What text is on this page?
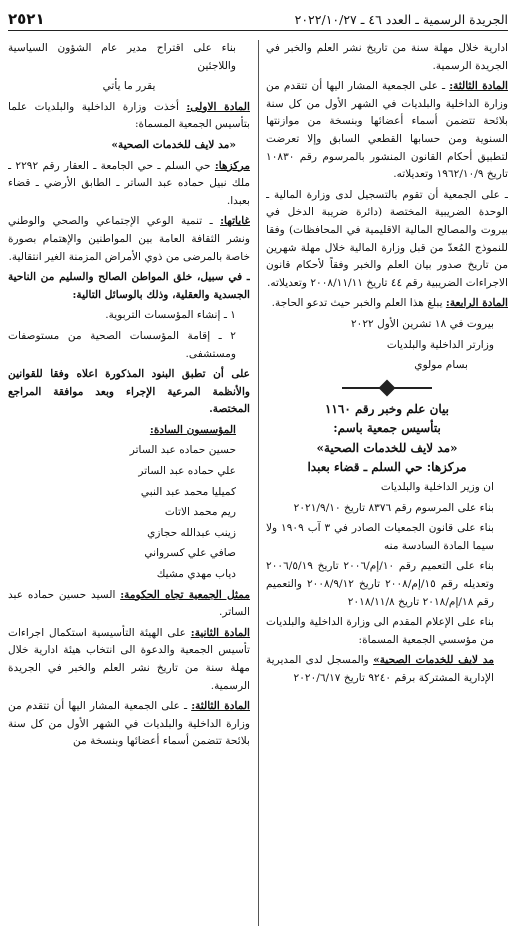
الجريدة الرسمية ـ العدد ٤٦ ـ ٢٠٢٢/١٠/٢٧
٢٥٢١

ادارية خلال مهلة سنة من تاريخ نشر العلم والخبر في الجريدة الرسمية.

المادة الثالثة: ـ على الجمعية المشار اليها أن تتقدم من وزارة الداخلية والبلديات في الشهر الأول من كل سنة بلائحة تتضمن أسماء أعضائها وبنسخة من موازنتها السنوية ومن حسابها القطعي السابق وإلا تعرضت لتطبيق أحكام القانون المنشور بالمرسوم رقم ١٠٨٣٠ تاريخ ١٩٦٢/١٠/٩ وتعديلاته.

ـ على الجمعية أن تقوم بالتسجيل لدى وزارة المالية ـ الوحدة الضريبية المختصة (دائرة ضريبة الدخل في بيروت والمصالح المالية الاقليمية في المحافظات) وفقا للنموذج المُعدّ من قبل وزارة المالية خلال مهلة شهرين من تاريخ صدور بيان العلم والخبر وفقاً لأحكام قانون الاجراءات الضريبية رقم ٤٤ تاريخ ٢٠٠٨/١١/١١ وتعديلاته.

المادة الرابعة: يبلغ هذا العلم والخبر حيث تدعو الحاجة.

بيروت في ١٨ تشرين الأول ٢٠٢٢

وزارتر الداخلية والبلديات

بسام مولوي

بيان علم وخبر رقم ١١٦٠
بتأسيس جمعية باسم:
«مد لايف للخدمات الصحية»
مركزها: حي السلم ـ قضاء بعبدا

ان وزير الداخلية والبلديات

بناء على المرسوم رقم ٨٣٧٦ تاريخ ٢٠٢١/٩/١٠

بناء على قانون الجمعيات الصادر في ٣ آب ١٩٠٩ ولا سيما المادة السادسة منه

بناء على التعميم رقم ١٠/إم/٢٠٠٦ تاريخ ٢٠٠٦/٥/١٩ وتعديله رقم ١٥/إم/٢٠٠٨ تاريخ ٢٠٠٨/٩/١٢ والتعميم رقم ١٨/إم/٢٠١٨ تاريخ ٢٠١٨/١١/٨

بناء على الإعلام المقدم الى وزارة الداخلية والبلديات من مؤسسي الجمعية المسماة:

مد لايف للخدمات الصحية» والمسجل لدى المديرية الإدارية المشتركة برقم ٩٢٤٠ تاريخ ٢٠٢٠/٦/١٧

بناء على اقتراح مدير عام الشؤون السياسية واللاجئين

يقرر ما يأتي

المادة الاولى: أخذت وزارة الداخلية والبلديات علما بتأسيس الجمعية المسماة:

«مد لايف للخدمات الصحية»

مركزها: حي السلم ـ حي الجامعة ـ العقار رقم ٢٢٩٢ ـ ملك نبيل حماده عبد الساتر ـ الطابق الأرضي ـ قضاء بعبدا.

غاياتها: ـ تنمية الوعي الإجتماعي والصحي والوطني ونشر الثقافة العامة بين المواطنين والإهتمام بصورة خاصة بالمرضى من ذوي الأمراض المزمنة الغير انتقالية.

ـ في سبيل، خلق المواطن الصالح والسليم من الناحية الجسدية والعقلية، وذلك بالوسائل التالية:

١ ـ إنشاء المؤسسات التربوية.

٢ ـ إقامة المؤسسات الصحية من مستوصفات ومستشفى.

على أن تطبق البنود المذكورة اعلاه وفقا للقوانين والأنظمة المرعية الإجراء وبعد موافقة المراجع المختصة.

المؤسسون السادة:

حسين حماده عبد الساتر

علي حماده عبد الساتر

كميليا محمد عبد النبي

ريم محمد الاتات

زينب عبدالله حجازي

صافي علي كسرواني

دياب مهدي مشيك

ممثل الجمعية تجاه الحكومة: السيد حسين حماده عبد الساتر.

المادة الثانية: على الهيئة التأسيسية استكمال اجراءات تأسيس الجمعية والدعوة الى انتخاب هيئة ادارية خلال مهلة سنة من تاريخ نشر العلم والخبر في الجريدة الرسمية.

المادة الثالثة: ـ على الجمعية المشار اليها أن تتقدم من وزارة الداخلية والبلديات في الشهر الأول من كل سنة بلائحة تتضمن أسماء أعضائها وبنسخة من
